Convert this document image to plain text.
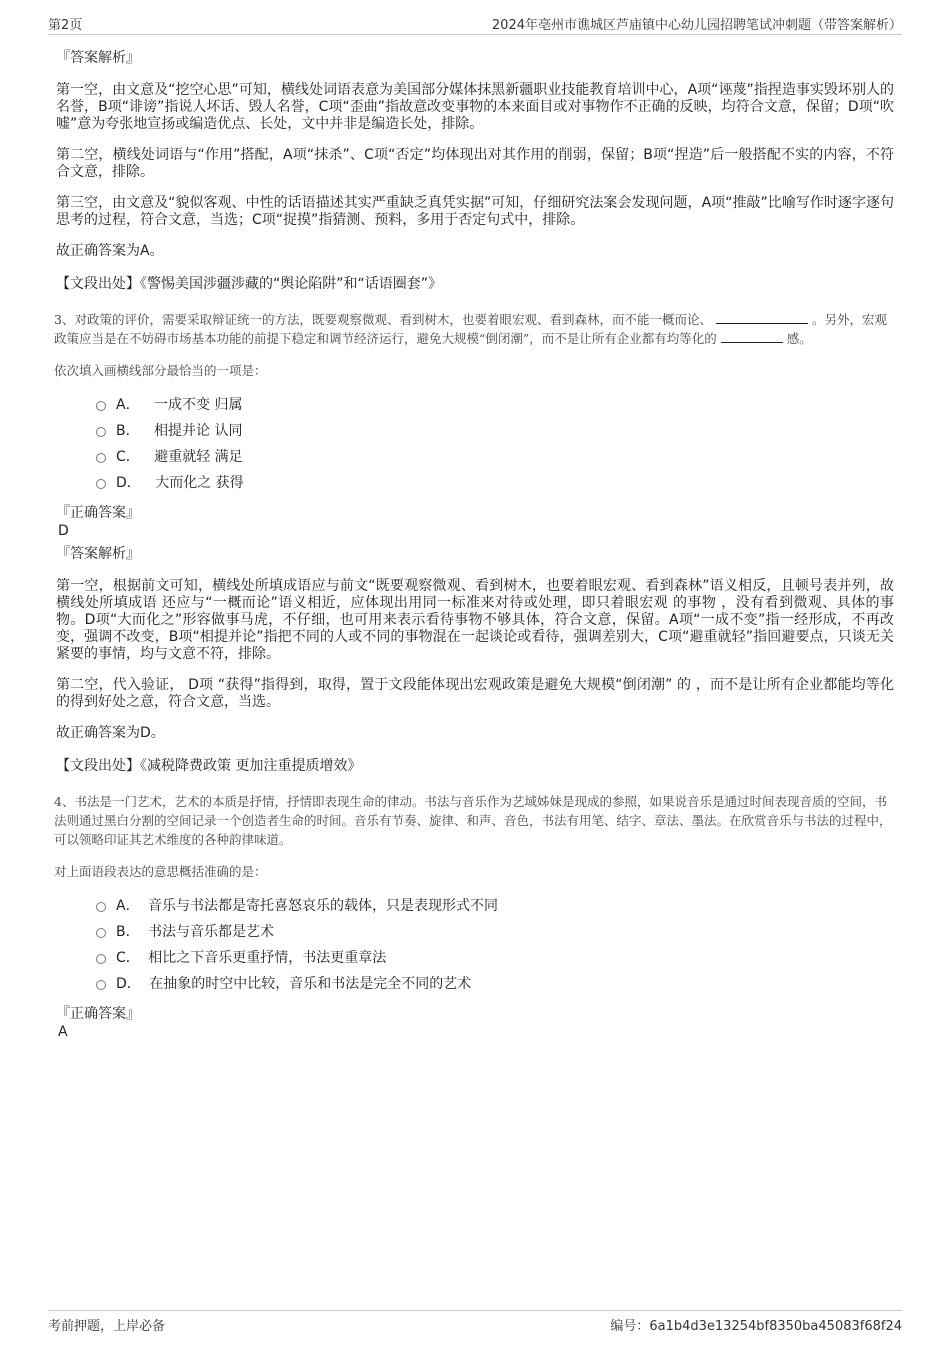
第2页	2024年亳州市谯城区芦庙镇中心幼儿园招聘笔试冲刺题（带答案解析）
『答案解析』

第一空，由文意及“挖空心思”可知，横线处词语表意为美国部分媒体抹黑新疆职业技能教育培训中心，A项“诬蔑”指捏造事实毁坏别人的名誉，B项“诽谤”指说人坏话、毁人名誉，C项“歪曲”指故意改变事物的本来面目或对事物作不正确的反映，均符合文意，保留；D项“吹嘘”意为夸张地宣扬或编造优点、长处，文中并非是编造长处，排除。

第二空，横线处词语与“作用”搭配，A项“抹杀”、C项“否定”均体现出对其作用的削弱，保留；B项“捏造”后一般搭配不实的内容，不符合文意，排除。

第三空，由文意及“貌似客观、中性的话语描述其实严重缺乏真凭实据”可知，仔细研究法案会发现问题，A项“推敲”比喻写作时逐字逐句思考的过程，符合文意，当选；C项“捉摸”指猜测、预料，多用于否定句式中，排除。

故正确答案为A。

【文段出处】《警惕美国涉疆涉藏的“舆论陷阱”和“话语圈套”》
3、对政策的评价，需要采取辩证统一的方法，既要观察微观、看到树木，也要着眼宏观、看到森林，而不能一概而论、	。另外，宏观政策应当是在不妨碍市场基本功能的前提下稳定和调节经济运行，避免大规模“倒闭潮”，而不是让所有企业都有均等化的	感。
依次填入画横线部分最恰当的一项是：
A． 一成不变 归属
B． 相提并论 认同
C． 避重就轻 满足
D． 大而化之 获得
『正确答案』
D
『答案解析』

第一空，根据前文可知，横线处所填成语应与前文“既要观察微观、看到树木，也要着眼宏观、看到森林”语义相反，且顿号表并列，故 横线处所填成语 还应与“一概而论”语义相近，应体现出用同一标准来对待或处理，即只着眼宏观 的事物 ，没有看到微观、具体的事物。D项“大而化之”形容做事马虎，不仔细，也可用来表示看待事物不够具体，符合文意，保留。A项“一成不变”指一经形成，不再改变，强调不改变，B项“相提并论”指把不同的人或不同的事物混在一起谈论或看待，强调差别大，C项“避重就轻”指回避要点，只谈无关紧要的事情，均与文意不符，排除。

第二空，代入验证， D项 “获得”指得到，取得，置于文段能体现出宏观政策是避免大规模“倒闭潮” 的 ，而不是让所有企业都能均等化的得到好处之意，符合文意，当选。

故正确答案为D。

【文段出处】《减税降费政策 更加注重提质增效》
4、书法是一门艺术，艺术的本质是抒情，抒情即表现生命的律动。书法与音乐作为艺域姊妹是现成的参照，如果说音乐是通过时间表现音质的空间，书法则通过黑白分割的空间记录一个创造者生命的时间。音乐有节奏、旋律、和声、音色，书法有用笔、结字、章法、墨法。在欣赏音乐与书法的过程中，可以领略印证其艺术维度的各种韵律味道。
对上面语段表达的意思概括准确的是：
A． 音乐与书法都是寄托喜怒哀乐的载体，只是表现形式不同
B． 书法与音乐都是艺术
C． 相比之下音乐更重抒情，书法更重章法
D． 在抽象的时空中比较，音乐和书法是完全不同的艺术
『正确答案』
A
考前押题，上岸必备	编号：6a1b4d3e13254bf8350ba45083f68f24
